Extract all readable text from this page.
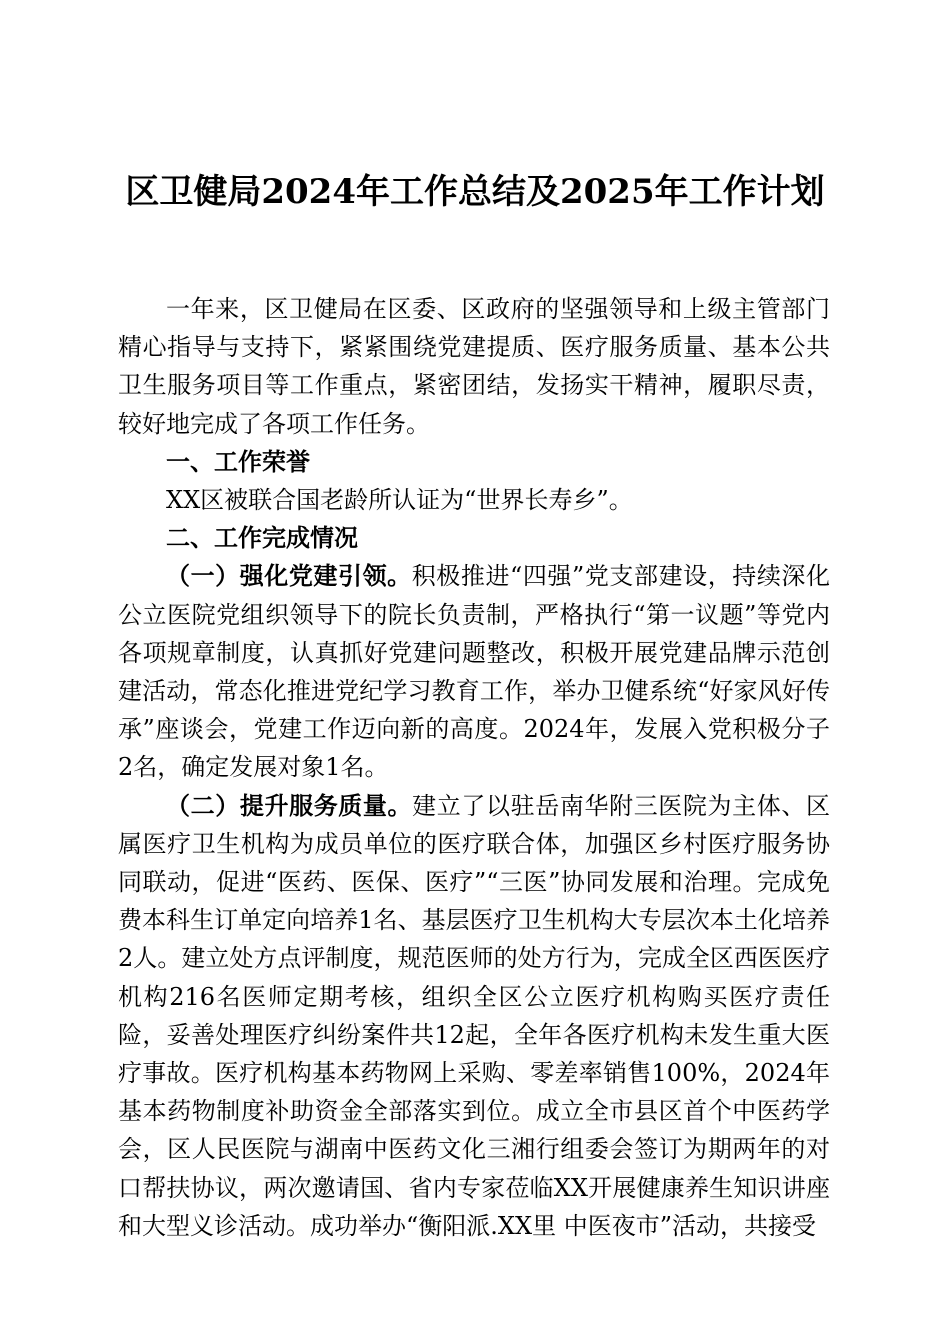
区卫健局2024年工作总结及2025年工作计划

一年来，区卫健局在区委、区政府的坚强领导和上级主管部门精心指导与支持下，紧紧围绕党建提质、医疗服务质量、基本公共卫生服务项目等工作重点，紧密团结，发扬实干精神，履职尽责，较好地完成了各项工作任务。

一、工作荣誉

XX区被联合国老龄所认证为“世界长寿乡”。

二、工作完成情况

（一）强化党建引领。积极推进“四强”党支部建设，持续深化公立医院党组织领导下的院长负责制，严格执行“第一议题”等党内各项规章制度，认真抓好党建问题整改，积极开展党建品牌示范创建活动，常态化推进党纪学习教育工作，举办卫健系统“好家风好传承”座谈会，党建工作迈向新的高度。2024年，发展入党积极分子2名，确定发展对象1名。

（二）提升服务质量。建立了以驻岳南华附三医院为主体、区属医疗卫生机构为成员单位的医疗联合体，加强区乡村医疗服务协同联动，促进“医药、医保、医疗”“三医”协同发展和治理。完成免费本科生订单定向培养1名、基层医疗卫生机构大专层次本土化培养2人。建立处方点评制度，规范医师的处方行为，完成全区西医医疗机构216名医师定期考核，组织全区公立医疗机构购买医疗责任险，妥善处理医疗纠纷案件共12起，全年各医疗机构未发生重大医疗事故。医疗机构基本药物网上采购、零差率销售100%，2024年基本药物制度补助资金全部落实到位。成立全市县区首个中医药学会，区人民医院与湖南中医药文化三湘行组委会签订为期两年的对口帮扶协议，两次邀请国、省内专家莅临XX开展健康养生知识讲座和大型义诊活动。成功举办“衡阳派.XX里 中医夜市”活动，共接受
